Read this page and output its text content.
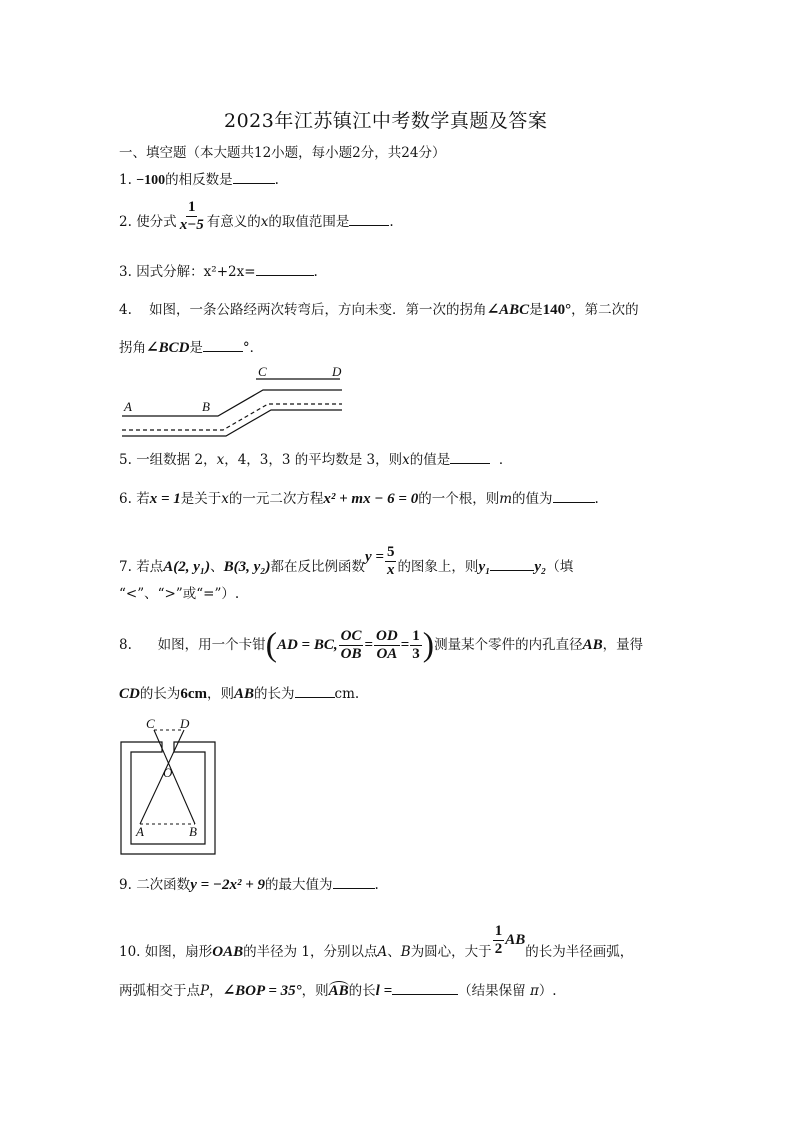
2023年江苏镇江中考数学真题及答案
一、填空题（本大题共12小题，每小题2分，共24分）
1. −100的相反数是	.
2. 使分式 $\frac{1}{x-5}$ 有意义的x的取值范围是	.
3. 因式分解：x²+2x=	.
4. 如图，一条公路经两次转弯后，方向未变．第一次的拐角∠ABC是140°，第二次的
拐角∠BCD是	°．
A	B
C	D
5. 一组数据 2，x，4，3，3 的平均数是 3，则x的值是	．
6. 若x = 1是关于x的一元二次方程x² + mx − 6 = 0的一个根，则m的值为	.
7. 若点A(2, y₁)、B(3, y₂)都在反比例函数$y = \frac{5}{x}$ 的图象上，则y₁	y₂（填
“<”、“>”或“=”）.
8. 如图，用一个卡钳(AD = BC, $\frac{OC}{OB} = \frac{OD}{OA} = \frac{1}{3}$ )测量某个零件的内孔直径AB，量得
CD的长为6cm，则AB的长为	cm.
C D
O
A	B
9. 二次函数y = −2x² + 9的最大值为	.
10. 如图，扇形OAB的半径为 1，分别以点A、B为圆心，大于 $\frac{1}{2}$ AB的长为半径画弧，
两弧相交于点P，∠BOP = 35°，则AB的长l =	（结果保留 π）.
